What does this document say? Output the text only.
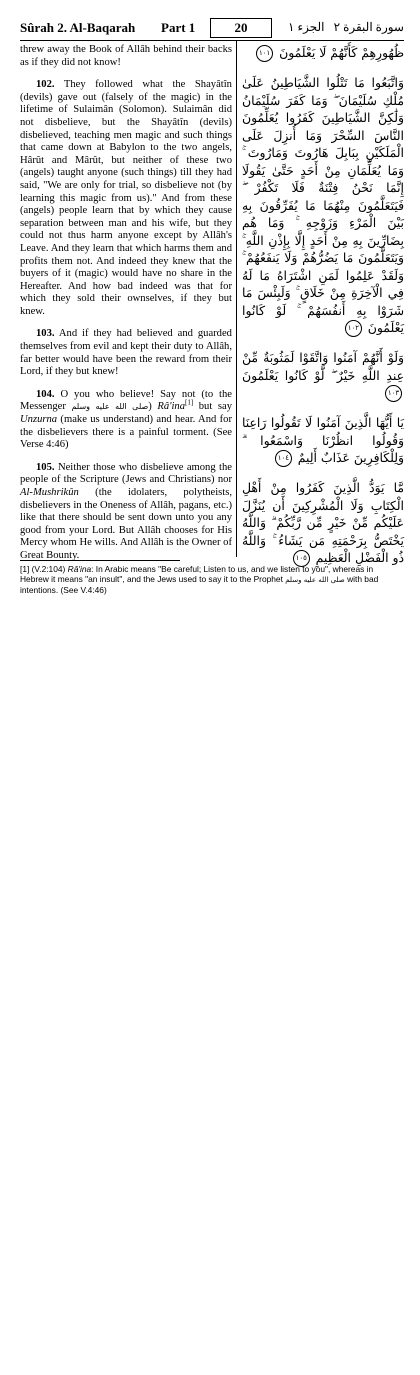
Sûrah 2. Al-Baqarah Part 1	20	الجزء ١ سورة البقرة ٢

threw away the Book of Allâh behind their backs as if they did not know!

102. They followed what the Shayâtîn (devils) gave out (falsely of the magic) in the lifetime of Sulaimân (Solomon). Sulaimân did not disbelieve, but the Shayâtîn (devils) disbelieved, teaching men magic and such things that came down at Babylon to the two angels, Hârût and Mârût, but neither of these two (angels) taught anyone (such things) till they had said, "We are only for trial, so disbelieve not (by learning this magic from us)." And from these (angels) people learn that by which they cause separation between man and his wife, but they could not thus harm anyone except by Allâh's Leave. And they learn that which harms them and profits them not. And indeed they knew that the buyers of it (magic) would have no share in the Hereafter. And how bad indeed was that for which they sold their ownselves, if they but knew.

103. And if they had believed and guarded themselves from evil and kept their duty to Allâh, far better would have been the reward from their Lord, if they but knew!

104. O you who believe! Say not (to the Messenger صلى الله عليه وسلم) Râ'ina[1] but say Unzurna (make us understand) and hear. And for the disbelievers there is a painful torment. (See Verse 4:46)

105. Neither those who disbelieve among the people of the Scripture (Jews and Christians) nor Al-Mushrikûn (the idolaters, polytheists, disbelievers in the Oneness of Allâh, pagans, etc.) like that there should be sent down unto you any good from your Lord. But Allâh chooses for His Mercy whom He wills. And Allâh is the Owner of Great Bounty.

ظُهُورِهِمْ كَأَنَّهُمْ لَا يَعْلَمُونَ ١٠١
وَاتَّبَعُوا مَا تَتْلُوا الشَّيَاطِينُ عَلَىٰ مُلْكِ سُلَيْمَانَ ۖ وَمَا كَفَرَ سُلَيْمَانُ وَلَٰكِنَّ الشَّيَاطِينَ كَفَرُوا يُعَلِّمُونَ النَّاسَ السِّحْرَ وَمَا أُنزِلَ عَلَى الْمَلَكَيْنِ بِبَابِلَ هَارُوتَ وَمَارُوتَ ۚ وَمَا يُعَلِّمَانِ مِنْ أَحَدٍ حَتَّىٰ يَقُولَا إِنَّمَا نَحْنُ فِتْنَةٌ فَلَا تَكْفُرْ ۖ فَيَتَعَلَّمُونَ مِنْهُمَا مَا يُفَرِّقُونَ بِهِ بَيْنَ الْمَرْءِ وَزَوْجِهِ ۚ وَمَا هُم بِضَارِّينَ بِهِ مِنْ أَحَدٍ إِلَّا بِإِذْنِ اللَّهِ ۚ وَيَتَعَلَّمُونَ مَا يَضُرُّهُمْ وَلَا يَنفَعُهُمْ ۚ وَلَقَدْ عَلِمُوا لَمَنِ اشْتَرَاهُ مَا لَهُ فِي الْآخِرَةِ مِنْ خَلَاقٍ ۚ وَلَبِئْسَ مَا شَرَوْا بِهِ أَنفُسَهُمْ ۚ لَوْ كَانُوا يَعْلَمُونَ ١٠٢
وَلَوْ أَنَّهُمْ آمَنُوا وَاتَّقَوْا لَمَثُوبَةٌ مِّنْ عِندِ اللَّهِ خَيْرٌ ۖ لَّوْ كَانُوا يَعْلَمُونَ ١٠٣
يَا أَيُّهَا الَّذِينَ آمَنُوا لَا تَقُولُوا رَاعِنَا وَقُولُوا انظُرْنَا وَاسْمَعُوا ۗ وَلِلْكَافِرِينَ عَذَابٌ أَلِيمٌ ١٠٤
مَّا يَوَدُّ الَّذِينَ كَفَرُوا مِنْ أَهْلِ الْكِتَابِ وَلَا الْمُشْرِكِينَ أَن يُنَزَّلَ عَلَيْكُم مِّنْ خَيْرٍ مِّن رَّبِّكُمْ ۗ وَاللَّهُ يَخْتَصُّ بِرَحْمَتِهِ مَن يَشَاءُ ۚ وَاللَّهُ ذُو الْفَضْلِ الْعَظِيمِ ١٠٥
[1] (V.2:104) Râ'ina: In Arabic means "Be careful; Listen to us, and we listen to you", whereas in Hebrew it means "an insult", and the Jews used to say it to the Prophet صلى الله عليه وسلم with bad intentions. (See V.4:46)
